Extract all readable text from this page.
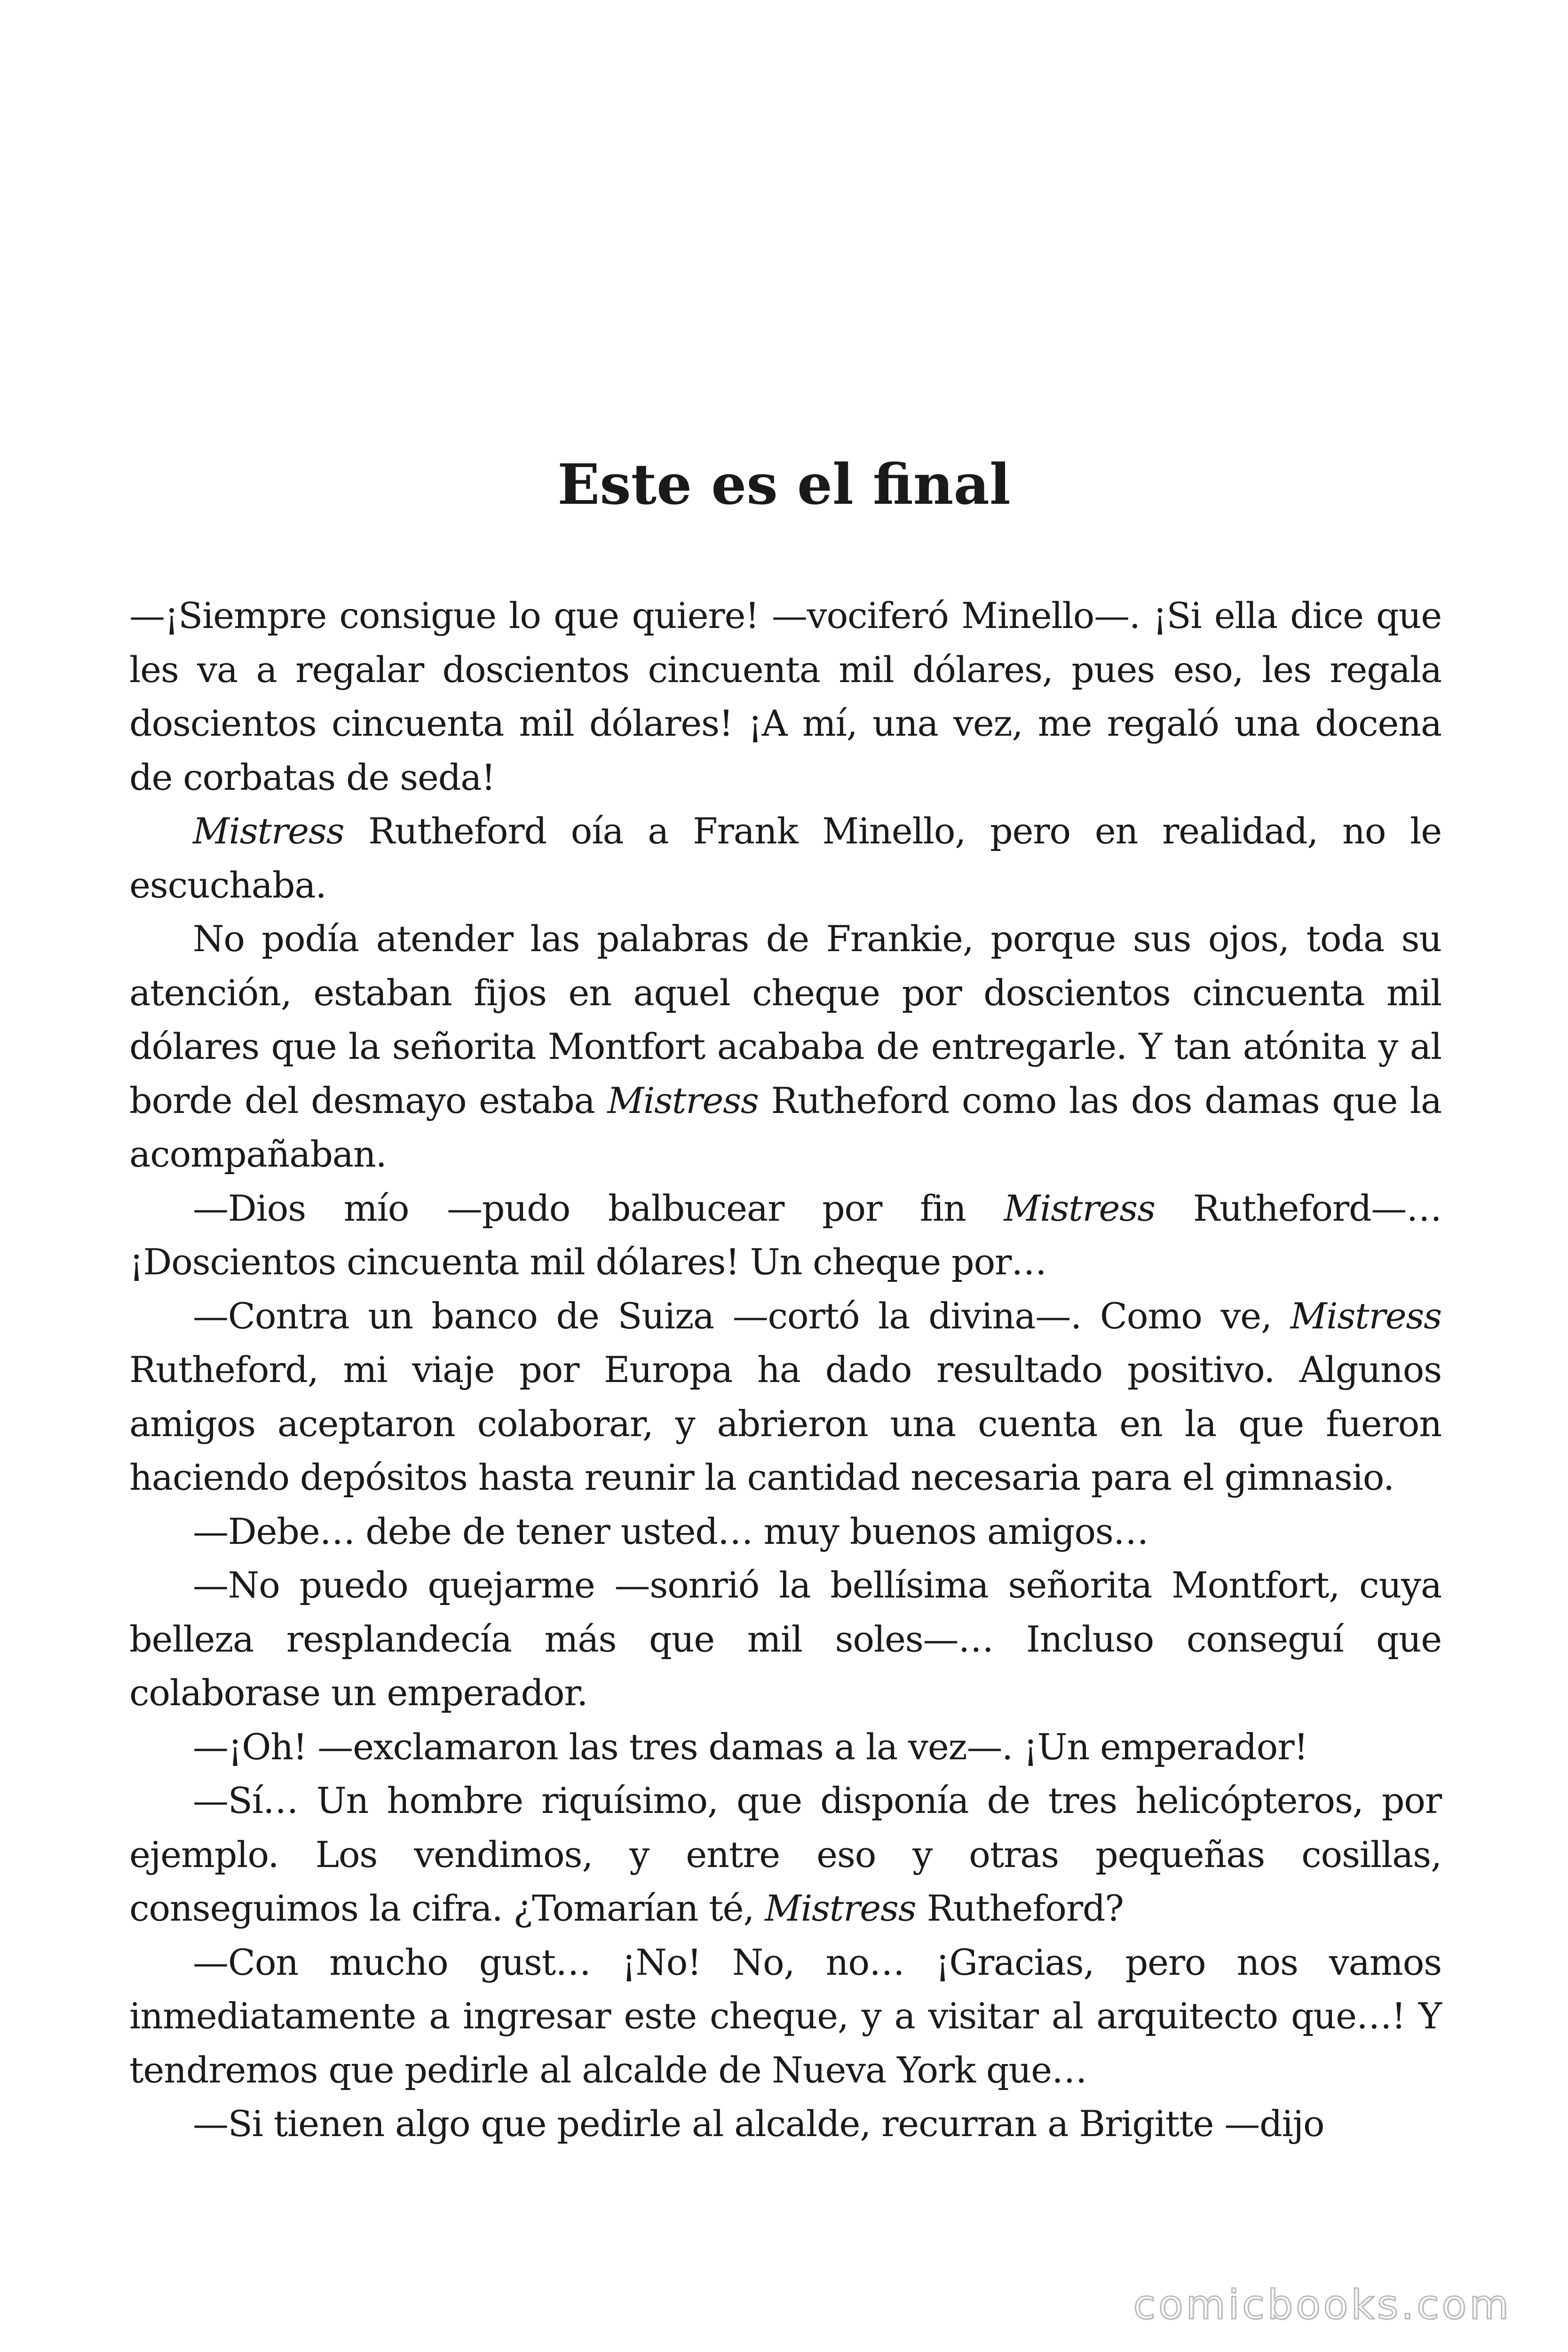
Este es el final

—¡Siempre consigue lo que quiere! —vociferó Minello—. ¡Si ella dice que les va a regalar doscientos cincuenta mil dólares, pues eso, les regala doscientos cincuenta mil dólares! ¡A mí, una vez, me regaló una docena de corbatas de seda!

Mistress Rutheford oía a Frank Minello, pero en realidad, no le escuchaba.

No podía atender las palabras de Frankie, porque sus ojos, toda su atención, estaban fijos en aquel cheque por doscientos cincuenta mil dólares que la señorita Montfort acababa de entregarle. Y tan atónita y al borde del desmayo estaba Mistress Rutheford como las dos damas que la acompañaban.

—Dios mío —pudo balbucear por fin Mistress Rutheford—… ¡Doscientos cincuenta mil dólares! Un cheque por…

—Contra un banco de Suiza —cortó la divina—. Como ve, Mistress Rutheford, mi viaje por Europa ha dado resultado positivo. Algunos amigos aceptaron colaborar, y abrieron una cuenta en la que fueron haciendo depósitos hasta reunir la cantidad necesaria para el gimnasio.

—Debe… debe de tener usted… muy buenos amigos…

—No puedo quejarme —sonrió la bellísima señorita Montfort, cuya belleza resplandecía más que mil soles—… Incluso conseguí que colaborase un emperador.

—¡Oh! —exclamaron las tres damas a la vez—. ¡Un emperador!

—Sí… Un hombre riquísimo, que disponía de tres helicópteros, por ejemplo. Los vendimos, y entre eso y otras pequeñas cosillas, conseguimos la cifra. ¿Tomarían té, Mistress Rutheford?

—Con mucho gust… ¡No! No, no… ¡Gracias, pero nos vamos inmediatamente a ingresar este cheque, y a visitar al arquitecto que…! Y tendremos que pedirle al alcalde de Nueva York que…

—Si tienen algo que pedirle al alcalde, recurran a Brigitte —dijo

comicbooks.com
